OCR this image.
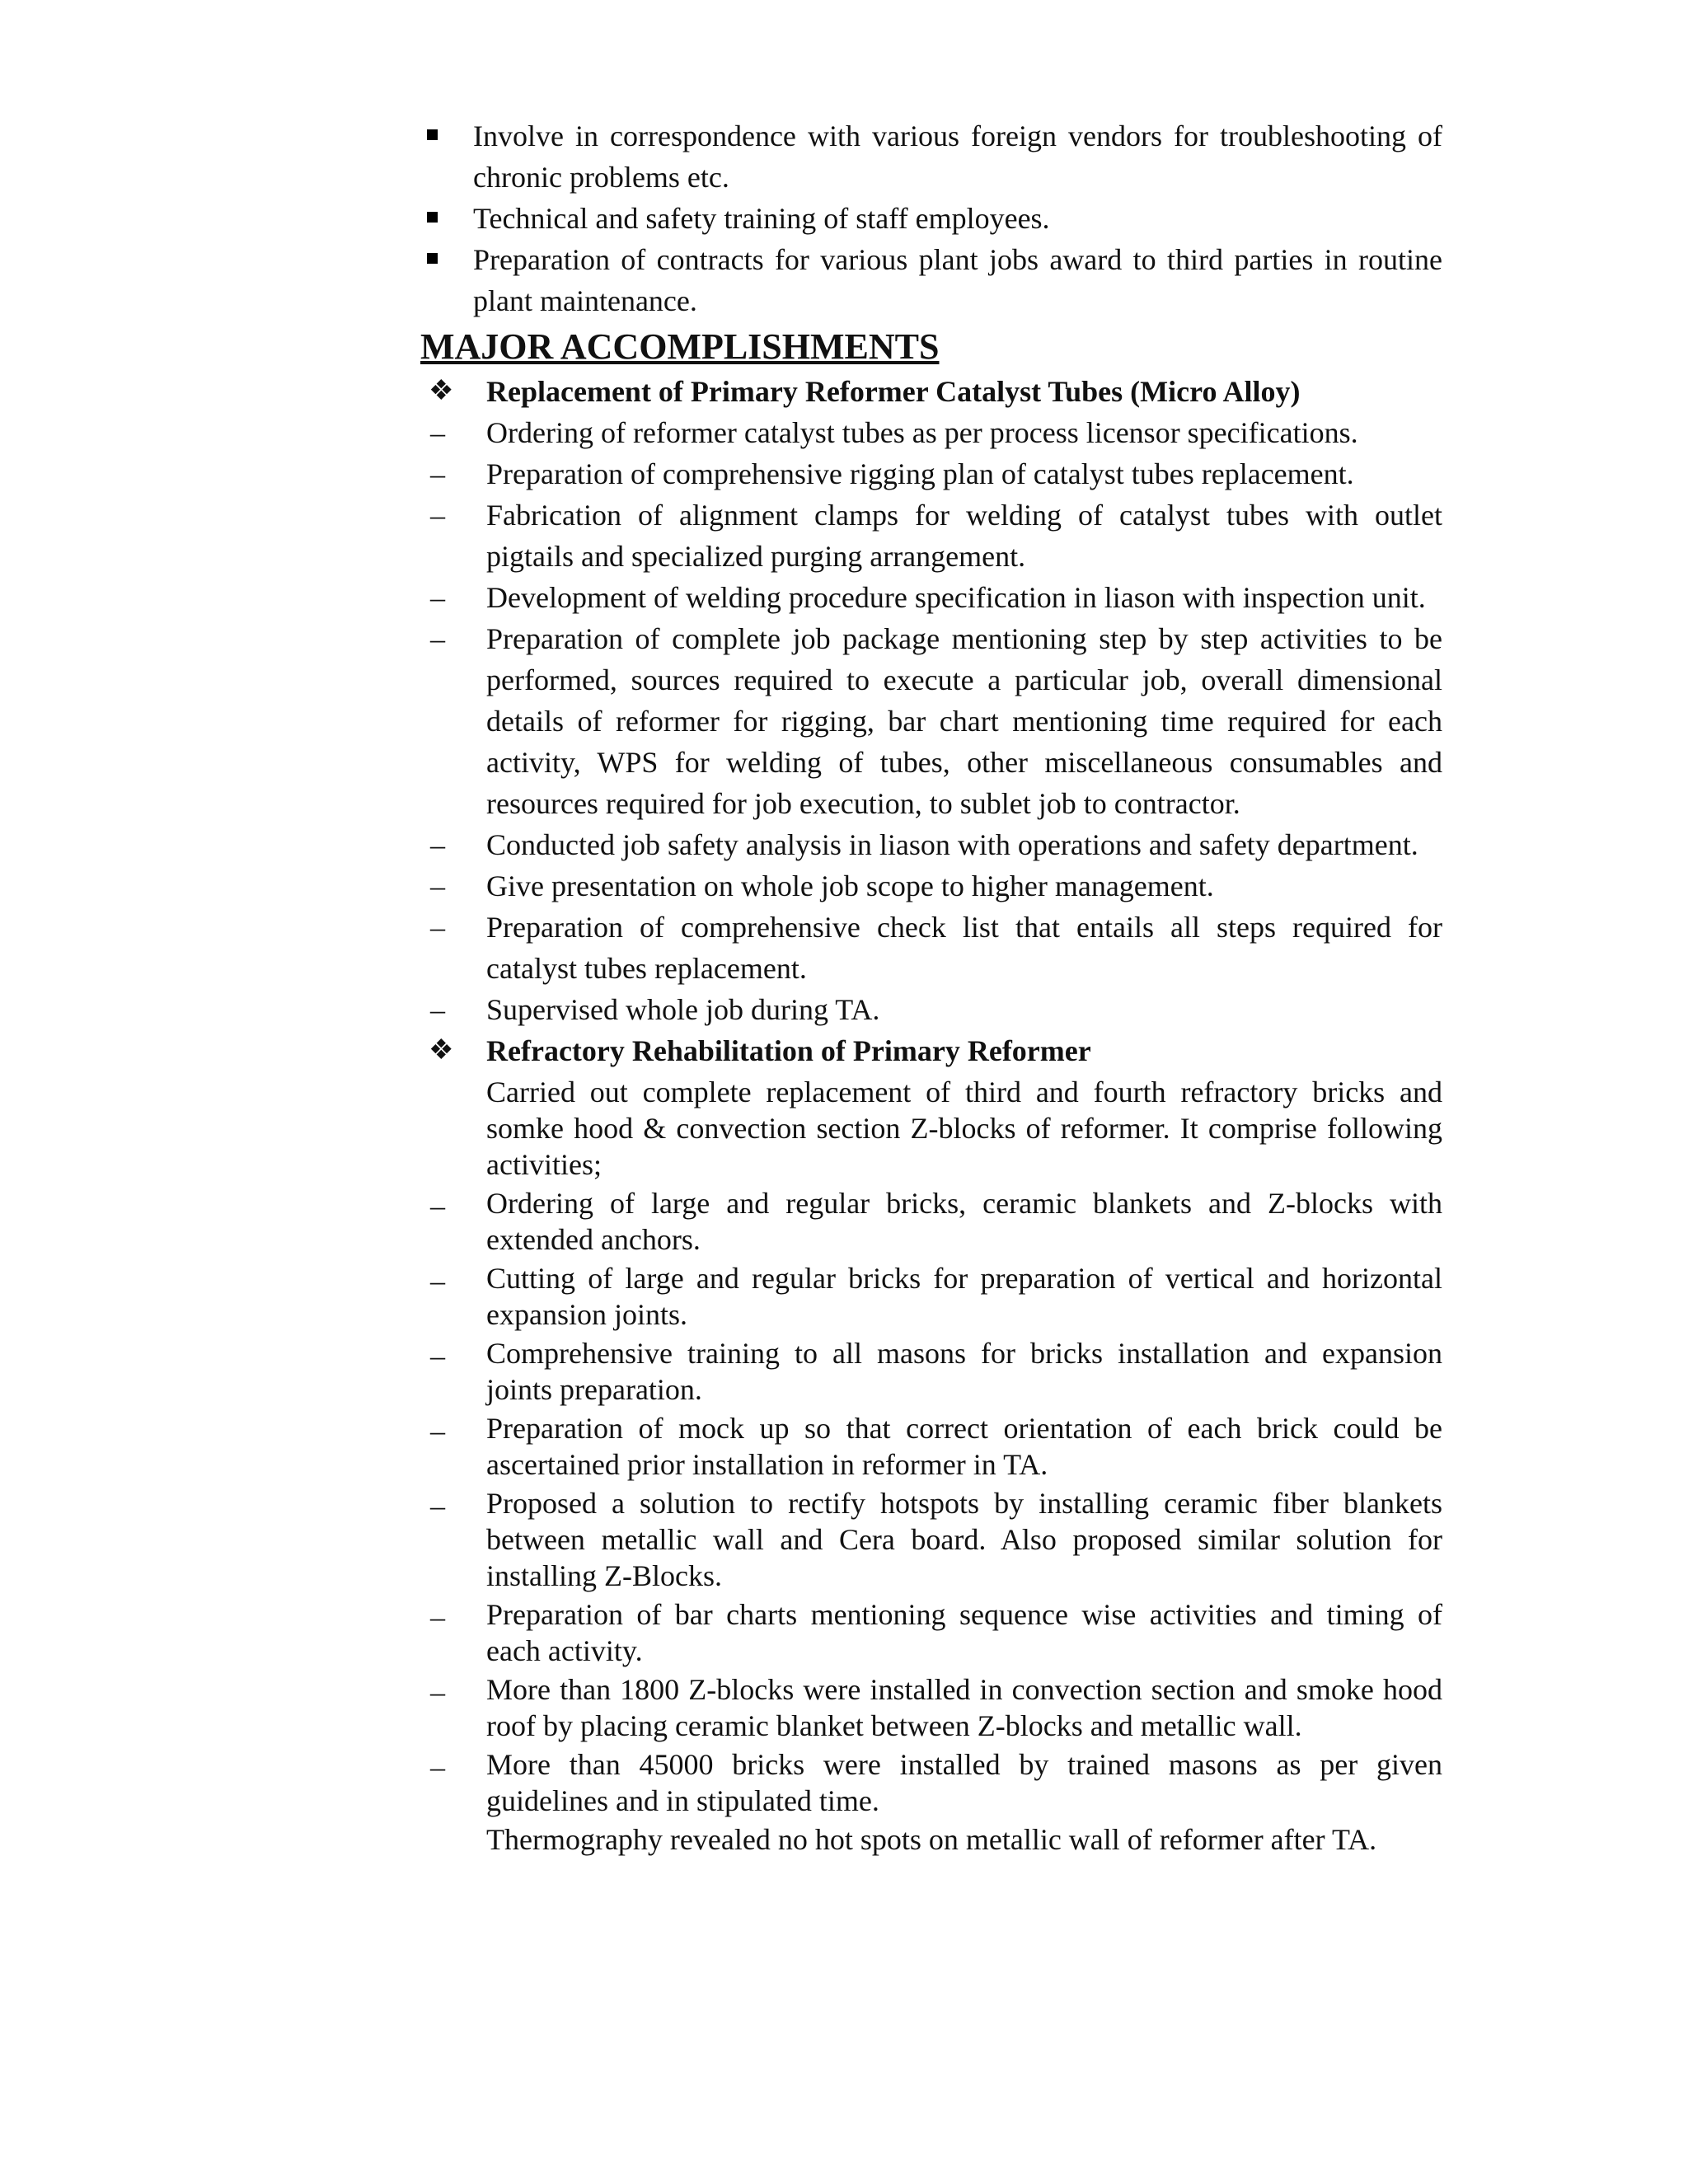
Involve in correspondence with various foreign vendors for troubleshooting of chronic problems etc.
Technical and safety training of staff employees.
Preparation of contracts for various plant jobs award to third parties in routine plant maintenance.
MAJOR ACCOMPLISHMENTS
❖ Replacement of Primary Reformer Catalyst Tubes (Micro Alloy)
– Ordering of reformer catalyst tubes as per process licensor specifications.
– Preparation of comprehensive rigging plan of catalyst tubes replacement.
– Fabrication of alignment clamps for welding of catalyst tubes with outlet pigtails and specialized purging arrangement.
– Development of welding procedure specification in liason with inspection unit.
– Preparation of complete job package mentioning step by step activities to be performed, sources required to execute a particular job, overall dimensional details of reformer for rigging, bar chart mentioning time required for each activity, WPS for welding of tubes, other miscellaneous consumables and resources required for job execution, to sublet job to contractor.
– Conducted job safety analysis in liason with operations and safety department.
– Give presentation on whole job scope to higher management.
– Preparation of comprehensive check list that entails all steps required for catalyst tubes replacement.
– Supervised whole job during TA.
❖ Refractory Rehabilitation of Primary Reformer
Carried out complete replacement of third and fourth refractory bricks and somke hood & convection section Z-blocks of reformer. It comprise following activities;
– Ordering of large and regular bricks, ceramic blankets and Z-blocks with extended anchors.
– Cutting of large and regular bricks for preparation of vertical and horizontal expansion joints.
– Comprehensive training to all masons for bricks installation and expansion joints preparation.
– Preparation of mock up so that correct orientation of each brick could be ascertained prior installation in reformer in TA.
– Proposed a solution to rectify hotspots by installing ceramic fiber blankets between metallic wall and Cera board. Also proposed similar solution for installing Z-Blocks.
– Preparation of bar charts mentioning sequence wise activities and timing of each activity.
– More than 1800 Z-blocks were installed in convection section and smoke hood roof by placing ceramic blanket between Z-blocks and metallic wall.
– More than 45000 bricks were installed by trained masons as per given guidelines and in stipulated time.
Thermography revealed no hot spots on metallic wall of reformer after TA.
